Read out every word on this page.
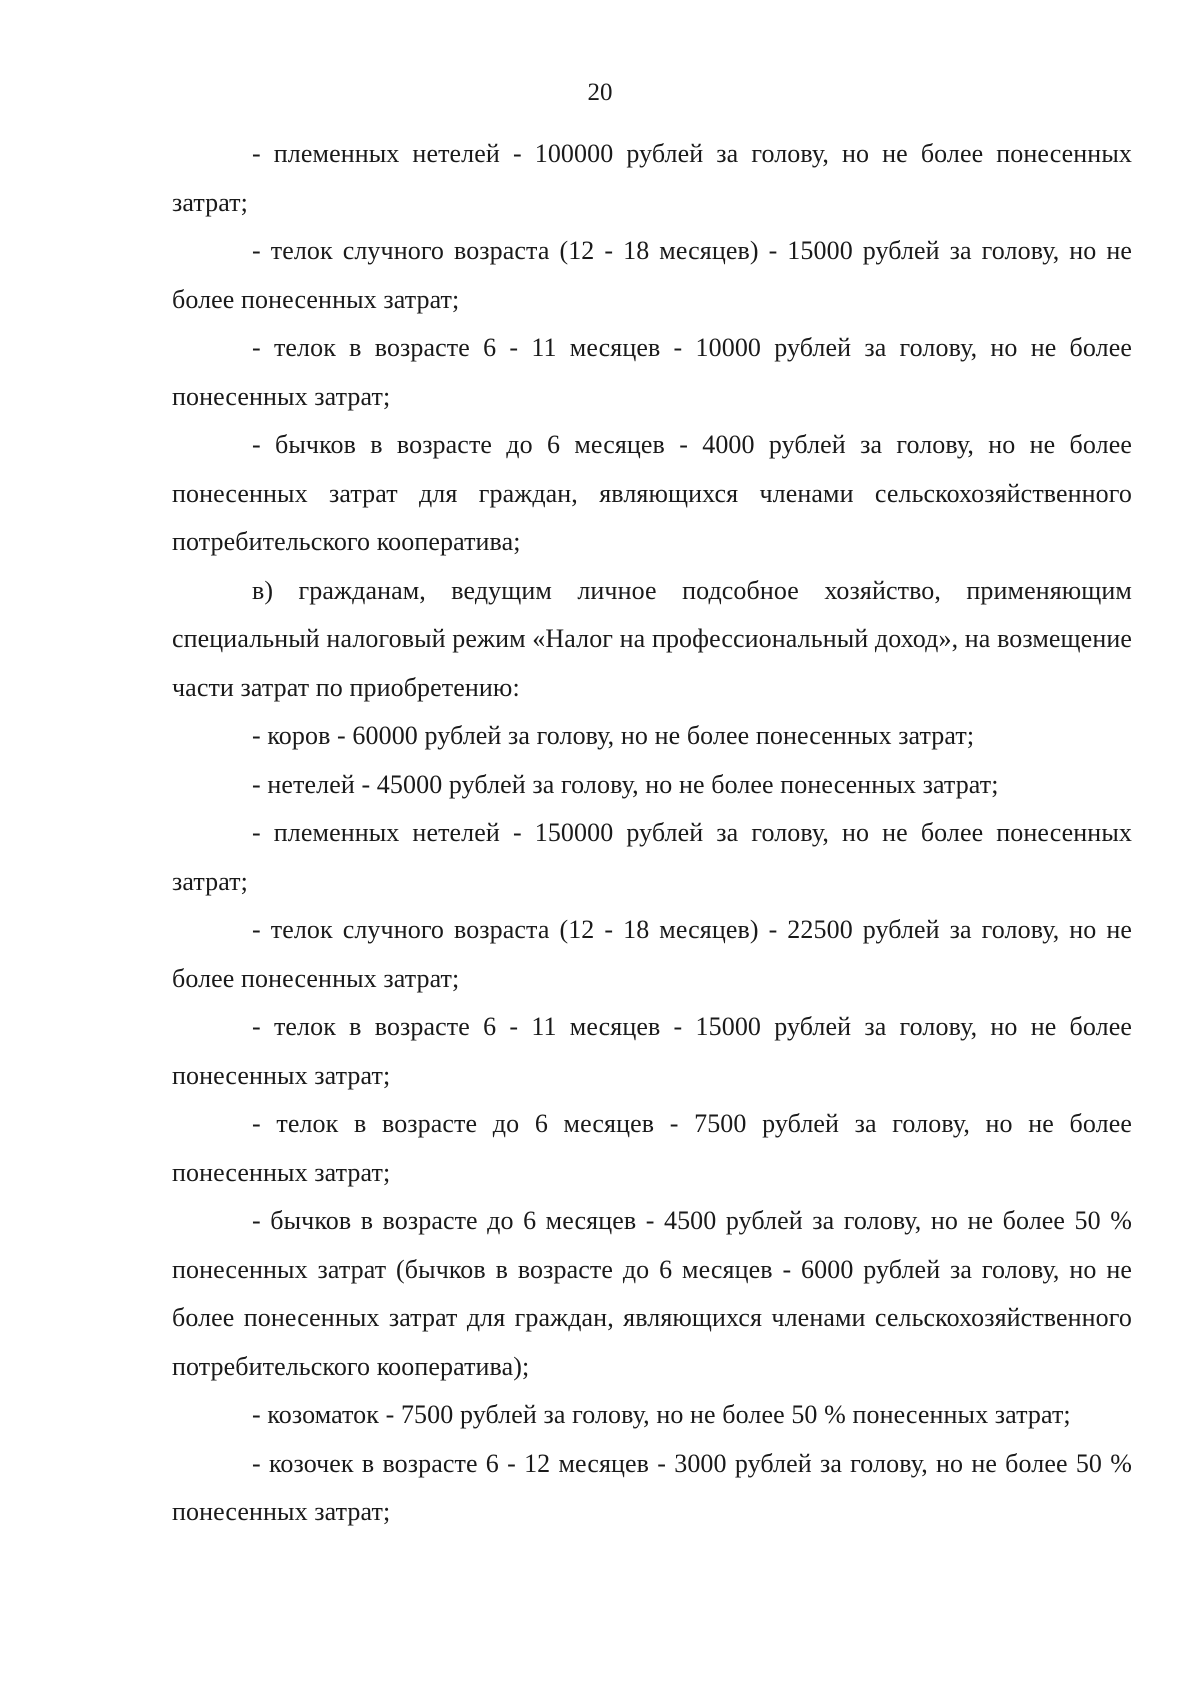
20

- племенных нетелей - 100000 рублей за голову, но не более понесенных затрат;

- телок случного возраста (12 - 18 месяцев) - 15000 рублей за голову, но не более понесенных затрат;

- телок в возрасте 6 - 11 месяцев - 10000 рублей за голову, но не более понесенных затрат;

- бычков в возрасте до 6 месяцев - 4000 рублей за голову, но не более понесенных затрат для граждан, являющихся членами сельскохозяйственного потребительского кооператива;

в) гражданам, ведущим личное подсобное хозяйство, применяющим специальный налоговый режим «Налог на профессиональный доход», на возмещение части затрат по приобретению:

- коров - 60000 рублей за голову, но не более понесенных затрат;

- нетелей - 45000 рублей за голову, но не более понесенных затрат;

- племенных нетелей - 150000 рублей за голову, но не более понесенных затрат;

- телок случного возраста (12 - 18 месяцев) - 22500 рублей за голову, но не более понесенных затрат;

- телок в возрасте 6 - 11 месяцев - 15000 рублей за голову, но не более понесенных затрат;

- телок в возрасте до 6 месяцев - 7500 рублей за голову, но не более понесенных затрат;

- бычков в возрасте до 6 месяцев - 4500 рублей за голову, но не более 50 % понесенных затрат (бычков в возрасте до 6 месяцев - 6000 рублей за голову, но не более понесенных затрат для граждан, являющихся членами сельскохозяйственного потребительского кооператива);

- козоматок - 7500 рублей за голову, но не более 50 % понесенных затрат;

- козочек в возрасте 6 - 12 месяцев - 3000 рублей за голову, но не более 50 % понесенных затрат;
